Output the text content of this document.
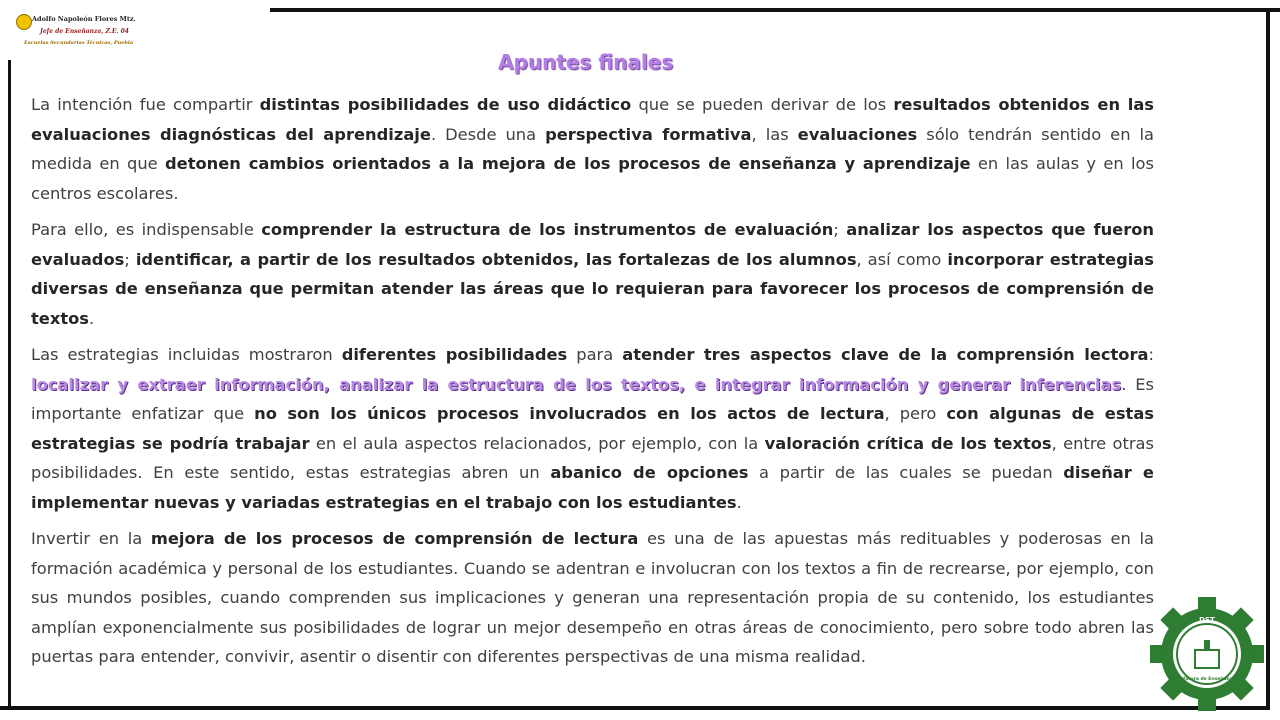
Adolfo Napoleón Flores Mtz.
Jefe de Enseñanza, Z.E. 04
Escuelas Secundarias Técnicas, Puebla
Apuntes finales

La intención fue compartir distintas posibilidades de uso didáctico que se pueden derivar de los resultados obtenidos en las evaluaciones diagnósticas del aprendizaje. Desde una perspectiva formativa, las evaluaciones sólo tendrán sentido en la medida en que detonen cambios orientados a la mejora de los procesos de enseñanza y aprendizaje en las aulas y en los centros escolares.

Para ello, es indispensable comprender la estructura de los instrumentos de evaluación; analizar los aspectos que fueron evaluados; identificar, a partir de los resultados obtenidos, las fortalezas de los alumnos, así como incorporar estrategias diversas de enseñanza que permitan atender las áreas que lo requieran para favorecer los procesos de comprensión de textos.

Las estrategias incluidas mostraron diferentes posibilidades para atender tres aspectos clave de la comprensión lectora: localizar y extraer información, analizar la estructura de los textos, e integrar información y generar inferencias. Es importante enfatizar que no son los únicos procesos involucrados en los actos de lectura, pero con algunas de estas estrategias se podría trabajar en el aula aspectos relacionados, por ejemplo, con la valoración crítica de los textos, entre otras posibilidades. En este sentido, estas estrategias abren un abanico de opciones a partir de las cuales se puedan diseñar e implementar nuevas y variadas estrategias en el trabajo con los estudiantes.

Invertir en la mejora de los procesos de comprensión de lectura es una de las apuestas más redituables y poderosas en la formación académica y personal de los estudiantes. Cuando se adentran e involucran con los textos a fin de recrearse, por ejemplo, con sus mundos posibles, cuando comprenden sus implicaciones y generan una representación propia de su contenido, los estudiantes amplían exponencialmente sus posibilidades de lograr un mejor desempeño en otras áreas de conocimiento, pero sobre todo abren las puertas para entender, convivir, asentir o disentir con diferentes perspectivas de una misma realidad.

DST
Jefatura de Enseñanza
